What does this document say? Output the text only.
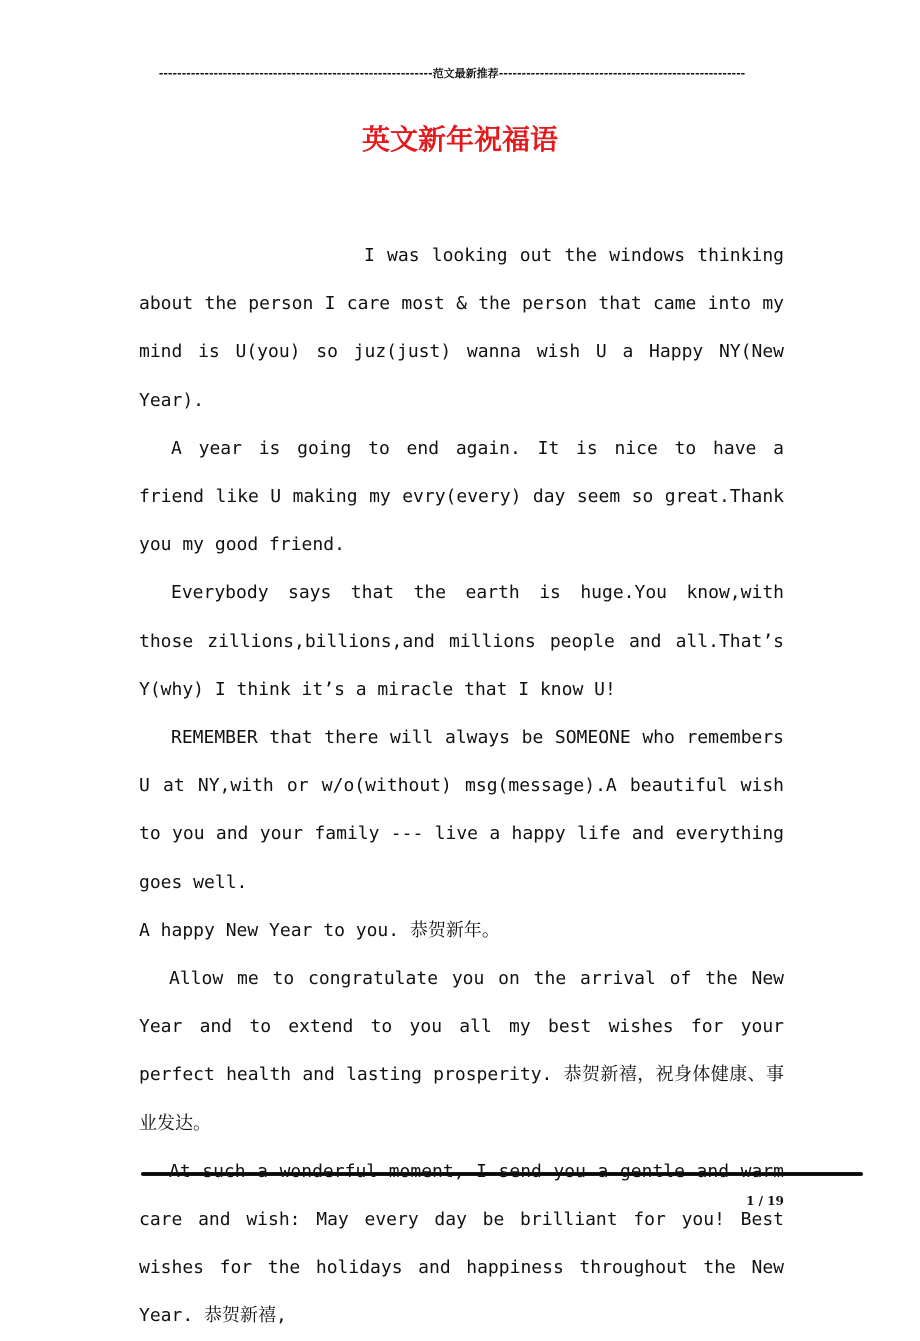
------------------------------------------------------------范文最新推荐------------------------------------------------------
英文新年祝福语

I was looking out the windows thinking about the person I care most & the person that came into my mind is U(you) so juz(just) wanna wish U a Happy NY(New Year).

A year is going to end again. It is nice to have a friend like U making my evry(every) day seem so great.Thank you my good friend.

Everybody says that the earth is huge.You know,with those zillions,billions,and millions people and all.That’s Y(why) I think it’s a miracle that I know U!

REMEMBER that there will always be SOMEONE who remembers U at NY,with or w/o(without) msg(message).A beautiful wish to you and your family --- live a happy life and everything goes well.

A happy New Year to you. 恭贺新年。

Allow me to congratulate you on the arrival of the New Year and to extend to you all my best wishes for your perfect health and lasting prosperity. 恭贺新禧，祝身体健康、事业发达。

care and wish: May every day be brilliant for you! Best wishes for the holidays and happiness throughout the New Year. 恭贺新禧,

1 / 19
